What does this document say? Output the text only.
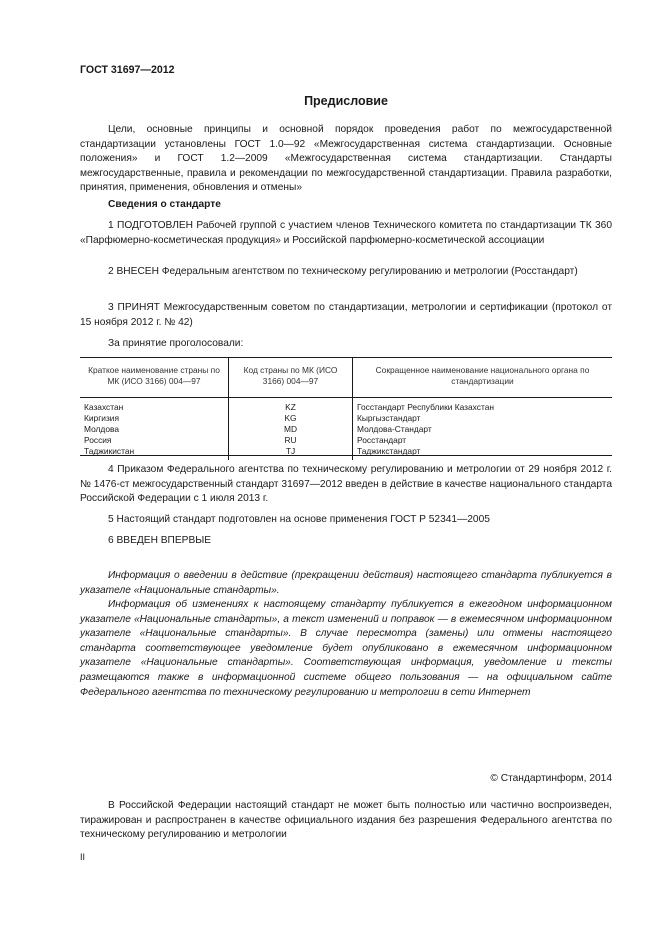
ГОСТ 31697—2012
Предисловие

Цели, основные принципы и основной порядок проведения работ по межгосударственной стандартизации установлены ГОСТ 1.0—92 «Межгосударственная система стандартизации. Основные положения» и ГОСТ 1.2—2009 «Межгосударственная система стандартизации. Стандарты межгосударственные, правила и рекомендации по межгосударственной стандартизации. Правила разработки, принятия, применения, обновления и отмены»

Сведения о стандарте

1 ПОДГОТОВЛЕН Рабочей группой с участием членов Технического комитета по стандартизации ТК 360 «Парфюмерно-косметическая продукция» и Российской парфюмерно-косметической ассоциации

2 ВНЕСЕН Федеральным агентством по техническому регулированию и метрологии (Росстандарт)

3 ПРИНЯТ Межгосударственным советом по стандартизации, метрологии и сертификации (протокол от 15 ноября 2012 г. № 42)

За принятие проголосовали:

Краткое наименование страны по МК (ИСО 3166) 004—97	Код страны по МК (ИСО 3166) 004—97	Сокращенное наименование национального органа по стандартизации
Казахстан	KZ	Госстандарт Республики Казахстан
Киргизия	KG	Кыргызстандарт
Молдова	MD	Молдова-Стандарт
Россия	RU	Росстандарт
Таджикистан	TJ	Таджикстандарт

4 Приказом Федерального агентства по техническому регулированию и метрологии от 29 ноября 2012 г. № 1476-ст межгосударственный стандарт 31697—2012 введен в действие в качестве национального стандарта Российской Федерации с 1 июля 2013 г.

5 Настоящий стандарт подготовлен на основе применения ГОСТ Р 52341—2005

6 ВВЕДЕН ВПЕРВЫЕ

Информация о введении в действие (прекращении действия) настоящего стандарта публикуется в указателе «Национальные стандарты».

Информация об изменениях к настоящему стандарту публикуется в ежегодном информационном указателе «Национальные стандарты», а текст изменений и поправок — в ежемесячном информационном указателе «Национальные стандарты». В случае пересмотра (замены) или отмены настоящего стандарта соответствующее уведомление будет опубликовано в ежемесячном информационном указателе «Национальные стандарты». Соответствующая информация, уведомление и тексты размещаются также в информационной системе общего пользования — на официальном сайте Федерального агентства по техническому регулированию и метрологии в сети Интернет

© Стандартинформ, 2014

В Российской Федерации настоящий стандарт не может быть полностью или частично воспроизведен, тиражирован и распространен в качестве официального издания без разрешения Федерального агентства по техническому регулированию и метрологии

II
